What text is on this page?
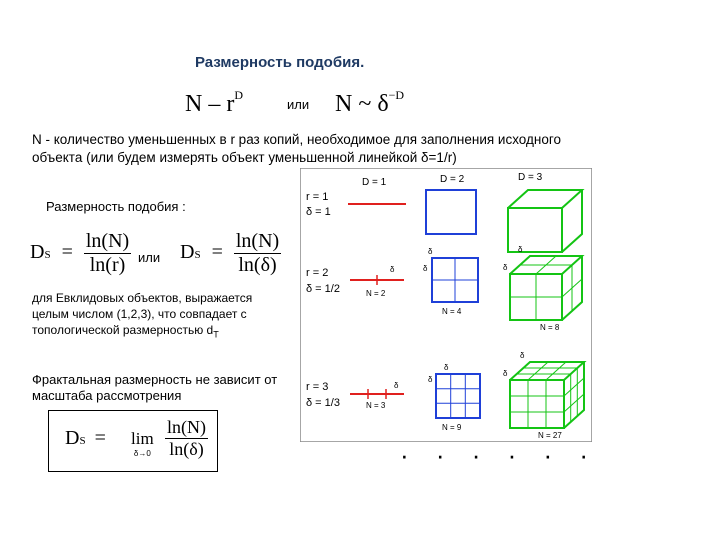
Размерность подобия.
N – $r^D$
или N ~ $\delta^{-D}$
N - количество уменьшенных в r раз копий, необходимое для заполнения исходного объекта (или будем измерять объект уменьшенной линейкой δ=1/r)
Размерность подобия :
DS = $\frac{\ln(N)}{\ln(r)}$ или DS = $\frac{\ln(N)}{\ln(\delta)}$
для Евклидовых объектов, выражается целым числом (1,2,3), что совпадает с топологической размерностью $d_T$
Фрактальная размерность не зависит от масштаба рассмотрения
DS = lim
$\delta\to 0 \frac{\ln(N)}{\ln(\delta)}$
D = 1	D = 2	D = 3
r = 1
δ = 1
r = 2
δ = 1/2
δ
N = 2
δ
δ
N = 4
δ
δ
N = 8
r = 3
δ = 1/3
δ
N = 3
δ
δ
N = 9
δ
δ
N = 27
· · · · · ·
